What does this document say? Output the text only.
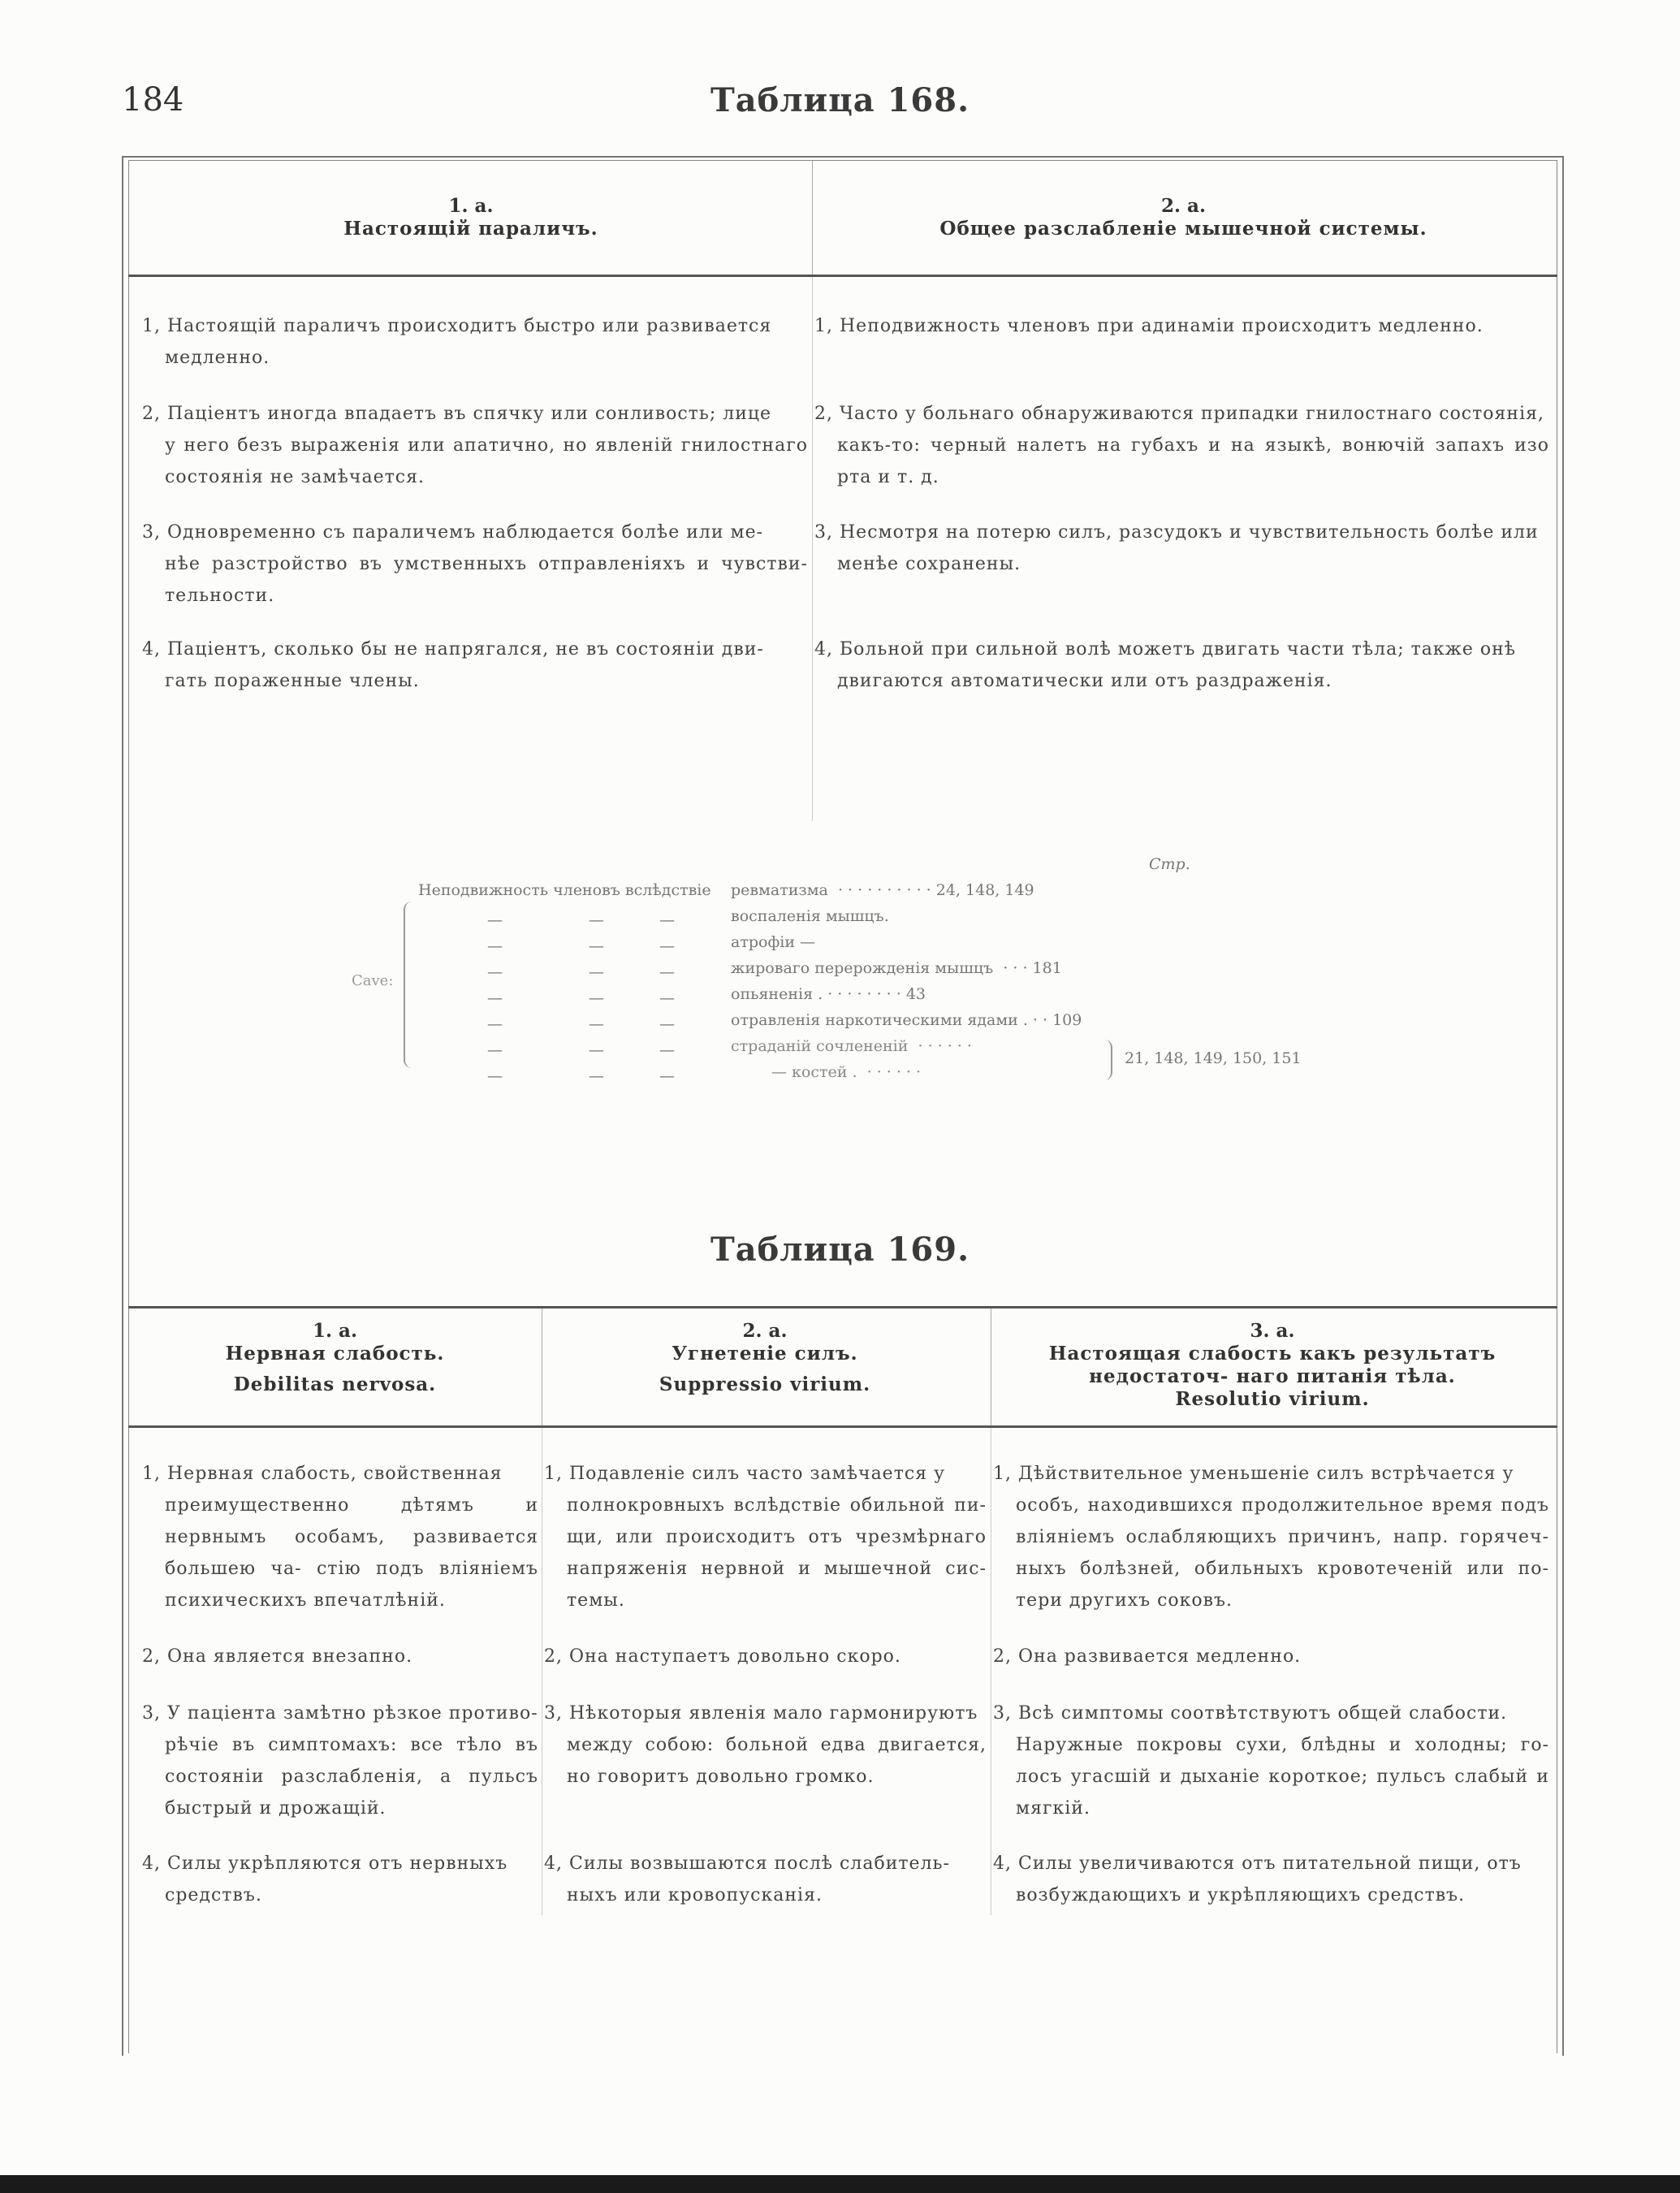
184	Таблица 168.
1. а.
Настоящій параличъ.
2. а.
Общее разслабленіе мышечной системы.
1, Настоящій параличъ происходитъ быстро или развивается
медленно.
2, Паціентъ иногда впадаетъ въ спячку или сонливость; лице
у него безъ выраженія или апатично, но явленій гнилостнаго состоянія не замѣчается.
3, Одновременно съ параличемъ наблюдается болѣе или ме-
нѣе разстройство въ умственныхъ отправленіяхъ и чувстви- тельности.
4, Паціентъ, сколько бы не напрягался, не въ состояніи дви-
гать пораженные члены.
1, Неподвижность членовъ при адинаміи происходитъ медленно.
2, Часто у больнаго обнаруживаются припадки гнилостнаго состоянія,
какъ-то: черный налетъ на губахъ и на языкѣ, вонючій запахъ изо рта и т. д.
3, Несмотря на потерю силъ, разсудокъ и чувствительность болѣе или
менѣе сохранены.
4, Больной при сильной волѣ можетъ двигать части тѣла; также онѣ
двигаются автоматически или отъ раздраженія.
Стр.
Неподвижность членовъ вслѣдствіе
Cave:
ревматизма · · · · · · · · · · 24, 148, 149
воспаленія мышцъ.
атрофіи —
жироваго перерожденія мышцъ · · · 181
опьяненія . · · · · · · · · 43
отравленія наркотическими ядами . · · 109
страданій сочлененій · · · · · ·
— костей . · · · · · ·
21, 148, 149, 150, 151
—
—
—
—
—
—
—
—
—
—
—
—
—
—
—
—
—
—
—
—
—
Таблица 169.
1. а.
Нервная слабость.
Debilitas nervosa.
2. а.
Угнетеніе силъ.
Suppressio virium.
3. а.
Настоящая слабость какъ результатъ недостаточ- наго питанія тѣла.
Resolutio virium.
1, Нервная слабость, свойственная
преимущественно дѣтямъ и нервнымъ особамъ, развивается большею ча- стію подъ вліяніемъ психическихъ впечатлѣній.
2, Она является внезапно.
3, У паціента замѣтно рѣзкое противо-
рѣчіе въ симптомахъ: все тѣло въ состояніи разслабленія, а пульсъ быстрый и дрожащій.
4, Силы укрѣпляются отъ нервныхъ
средствъ.
1, Подавленіе силъ часто замѣчается у
полнокровныхъ вслѣдствіе обильной пи- щи, или происходитъ отъ чрезмѣрнаго напряженія нервной и мышечной сис- темы.
2, Она наступаетъ довольно скоро.
3, Нѣкоторыя явленія мало гармонируютъ
между собою: больной едва двигается, но говоритъ довольно громко.
4, Силы возвышаются послѣ слабитель-
ныхъ или кровопусканія.
1, Дѣйствительное уменьшеніе силъ встрѣчается у
особъ, находившихся продолжительное время подъ вліяніемъ ослабляющихъ причинъ, напр. горячеч- ныхъ болѣзней, обильныхъ кровотеченій или по- тери другихъ соковъ.
2, Она развивается медленно.
3, Всѣ симптомы соотвѣтствуютъ общей слабости.
Наружные покровы сухи, блѣдны и холодны; го- лосъ угасшій и дыханіе короткое; пульсъ слабый и мягкій.
4, Силы увеличиваются отъ питательной пищи, отъ
возбуждающихъ и укрѣпляющихъ средствъ.
